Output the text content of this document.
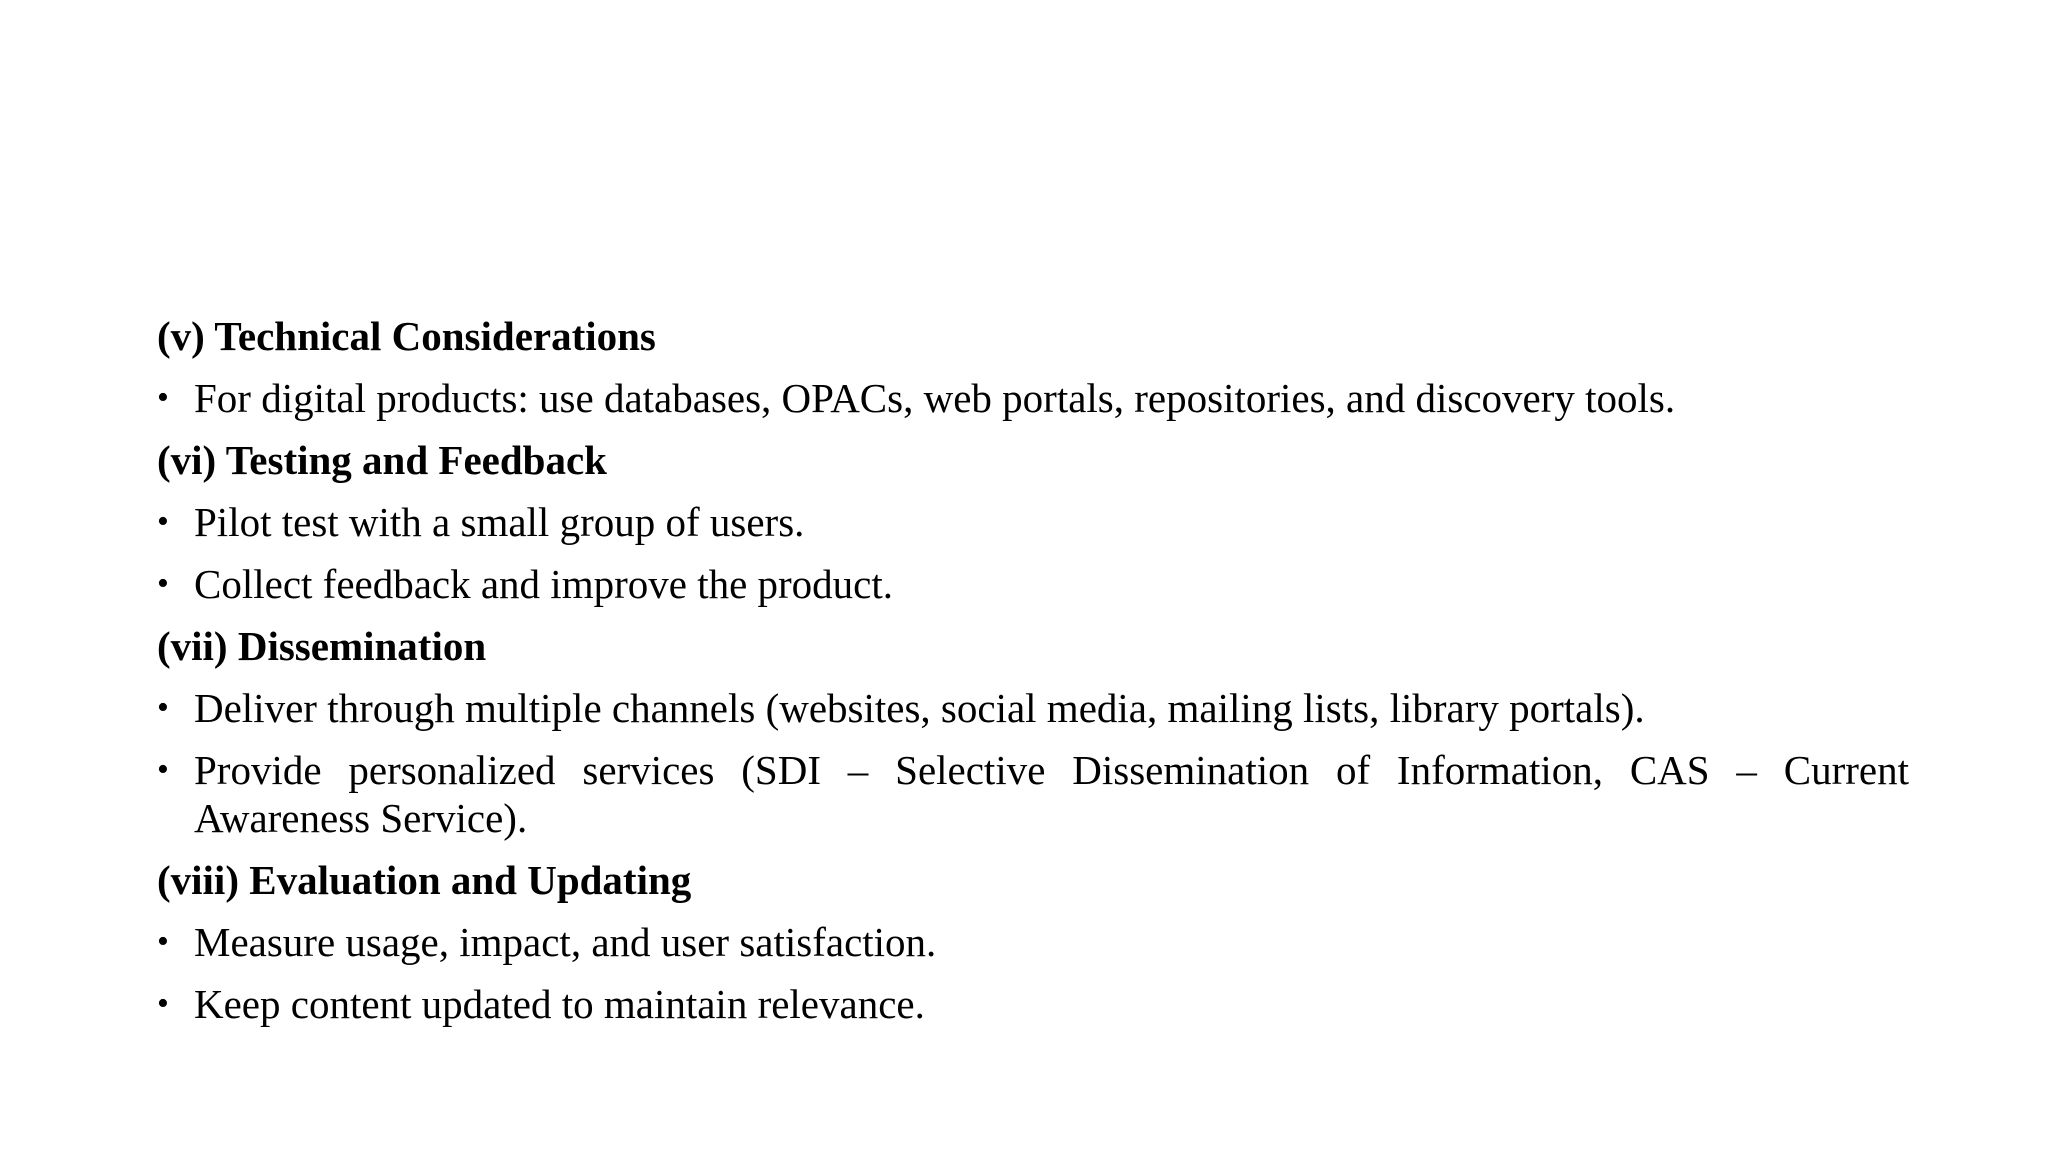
(v) Technical Considerations
• For digital products: use databases, OPACs, web portals, repositories, and discovery tools.
(vi) Testing and Feedback
• Pilot test with a small group of users.
• Collect feedback and improve the product.
(vii) Dissemination
• Deliver through multiple channels (websites, social media, mailing lists, library portals).
• Provide personalized services (SDI – Selective Dissemination of Information, CAS – Current Awareness Service).
(viii) Evaluation and Updating
• Measure usage, impact, and user satisfaction.
• Keep content updated to maintain relevance.
